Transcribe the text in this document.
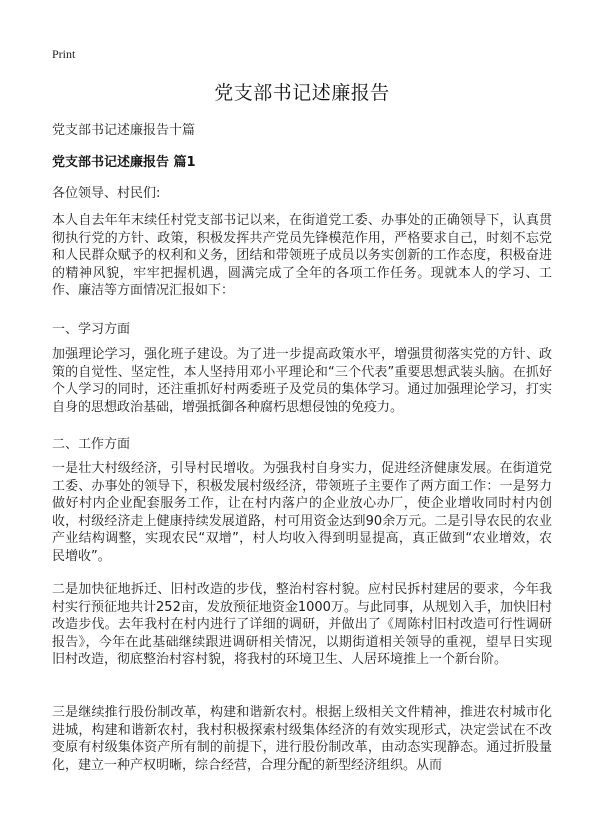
Print
党支部书记述廉报告
党支部书记述廉报告十篇
党支部书记述廉报告 篇1
各位领导、村民们:
本人自去年年末续任村党支部书记以来，在街道党工委、办事处的正确领导下，认真贯彻执行党的方针、政策，积极发挥共产党员先锋模范作用，严格要求自己，时刻不忘党和人民群众赋予的权利和义务，团结和带领班子成员以务实创新的工作态度，积极奋进的精神风貌，牢牢把握机遇，圆满完成了全年的各项工作任务。现就本人的学习、工作、廉洁等方面情况汇报如下：
一、学习方面
加强理论学习，强化班子建设。为了进一步提高政策水平，增强贯彻落实党的方针、政策的自觉性、坚定性，本人坚持用邓小平理论和“三个代表”重要思想武装头脑。在抓好个人学习的同时，还注重抓好村两委班子及党员的集体学习。通过加强理论学习，打实自身的思想政治基础，增强抵御各种腐朽思想侵蚀的免疫力。
二、工作方面
一是壮大村级经济，引导村民增收。为强我村自身实力，促进经济健康发展。在街道党工委、办事处的领导下，积极发展村级经济，带领班子主要作了两方面工作：一是努力做好村内企业配套服务工作，让在村内落户的企业放心办厂，使企业增收同时村内创收，村级经济走上健康持续发展道路，村可用资金达到90余万元。二是引导农民的农业产业结构调整，实现农民“双增”，村人均收入得到明显提高，真正做到“农业增效，农民增收”。
二是加快征地拆迁、旧村改造的步伐，整治村容村貌。应村民拆村建居的要求，今年我村实行预征地共计252亩，发放预征地资金1000万。与此同事，从规划入手，加快旧村改造步伐。去年我村在村内进行了详细的调研，并做出了《周陈村旧村改造可行性调研报告》，今年在此基础继续跟进调研相关情况，以期街道相关领导的重视，望早日实现旧村改造，彻底整治村容村貌，将我村的环境卫生、人居环境推上一个新台阶。
三是继续推行股份制改革，构建和谐新农村。根据上级相关文件精神，推进农村城市化进城，构建和谐新农村，我村积极探索村级集体经济的有效实现形式，决定尝试在不改变原有村级集体资产所有制的前提下，进行股份制改革，由动态实现静态。通过折股量化，建立一种产权明晰，综合经营，合理分配的新型经济组织。从而
